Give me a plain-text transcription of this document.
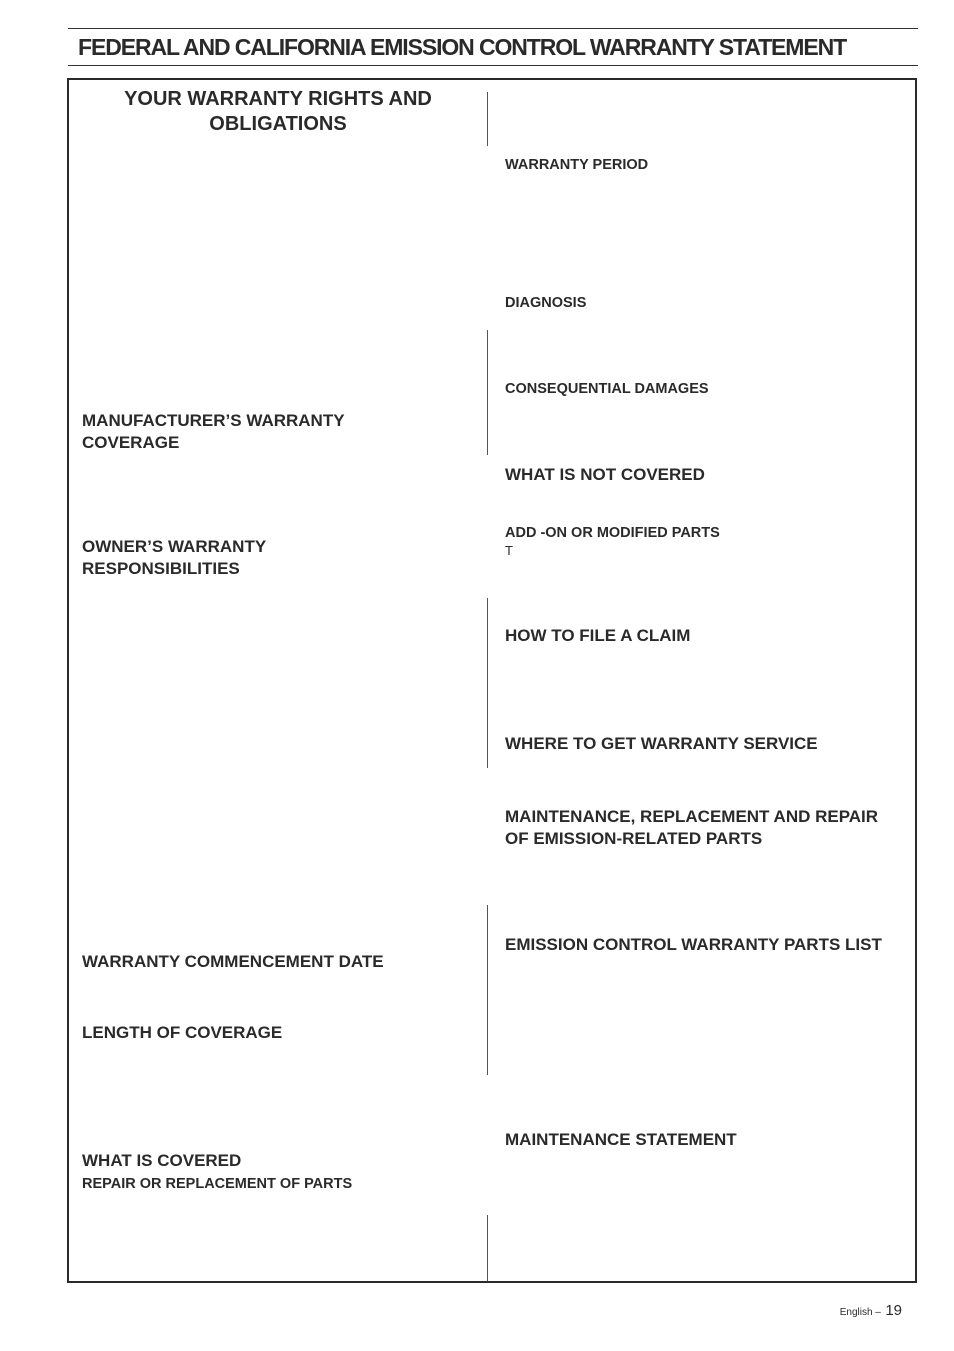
FEDERAL AND CALIFORNIA EMISSION CONTROL WARRANTY STATEMENT
YOUR WARRANTY RIGHTS AND OBLIGATIONS
MANUFACTURER’S WARRANTY COVERAGE
OWNER’S WARRANTY RESPONSIBILITIES
WARRANTY COMMENCEMENT DATE
LENGTH OF COVERAGE
WHAT IS COVERED
REPAIR OR REPLACEMENT OF PARTS
WARRANTY PERIOD
DIAGNOSIS
CONSEQUENTIAL DAMAGES
WHAT IS NOT COVERED
ADD -ON OR MODIFIED PARTS
T
HOW TO FILE A CLAIM
WHERE TO GET WARRANTY SERVICE
MAINTENANCE, REPLACEMENT AND REPAIR OF EMISSION-RELATED PARTS
EMISSION CONTROL WARRANTY PARTS LIST
MAINTENANCE STATEMENT
English – 19
